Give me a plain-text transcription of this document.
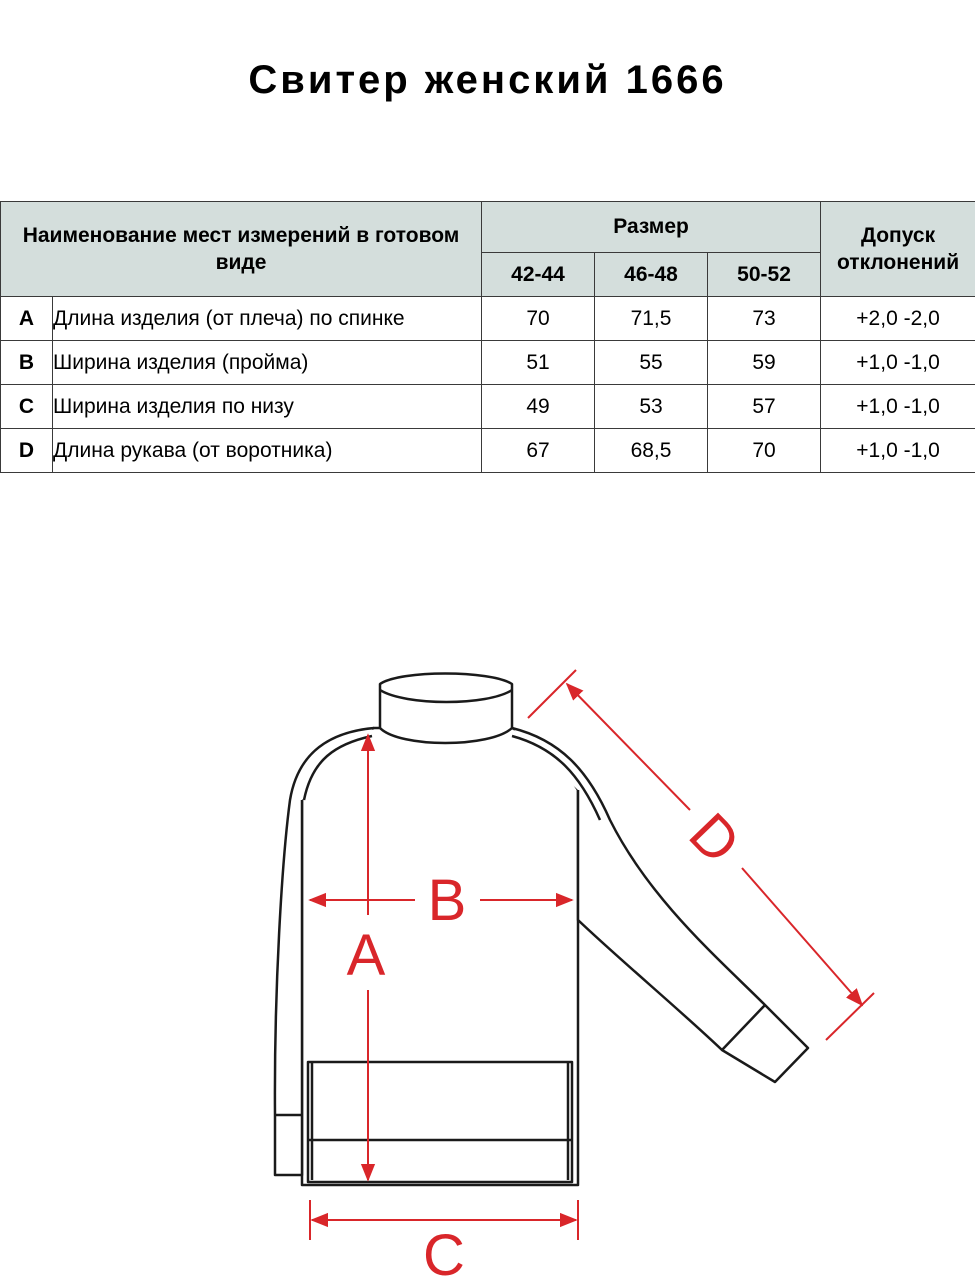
Свитер женский 1666
Наименование мест измерений в готовом виде		Размер			Допуск отклонений
		42-44	46-48	50-52	
A	Длина изделия (от плеча) по спинке	70	71,5	73	+2,0 -2,0
B	Ширина изделия (пройма)	51	55	59	+1,0 -1,0
C	Ширина изделия по низу	49	53	57	+1,0 -1,0
D	Длина рукава (от воротника)	67	68,5	70	+1,0 -1,0
A
B
C
D
